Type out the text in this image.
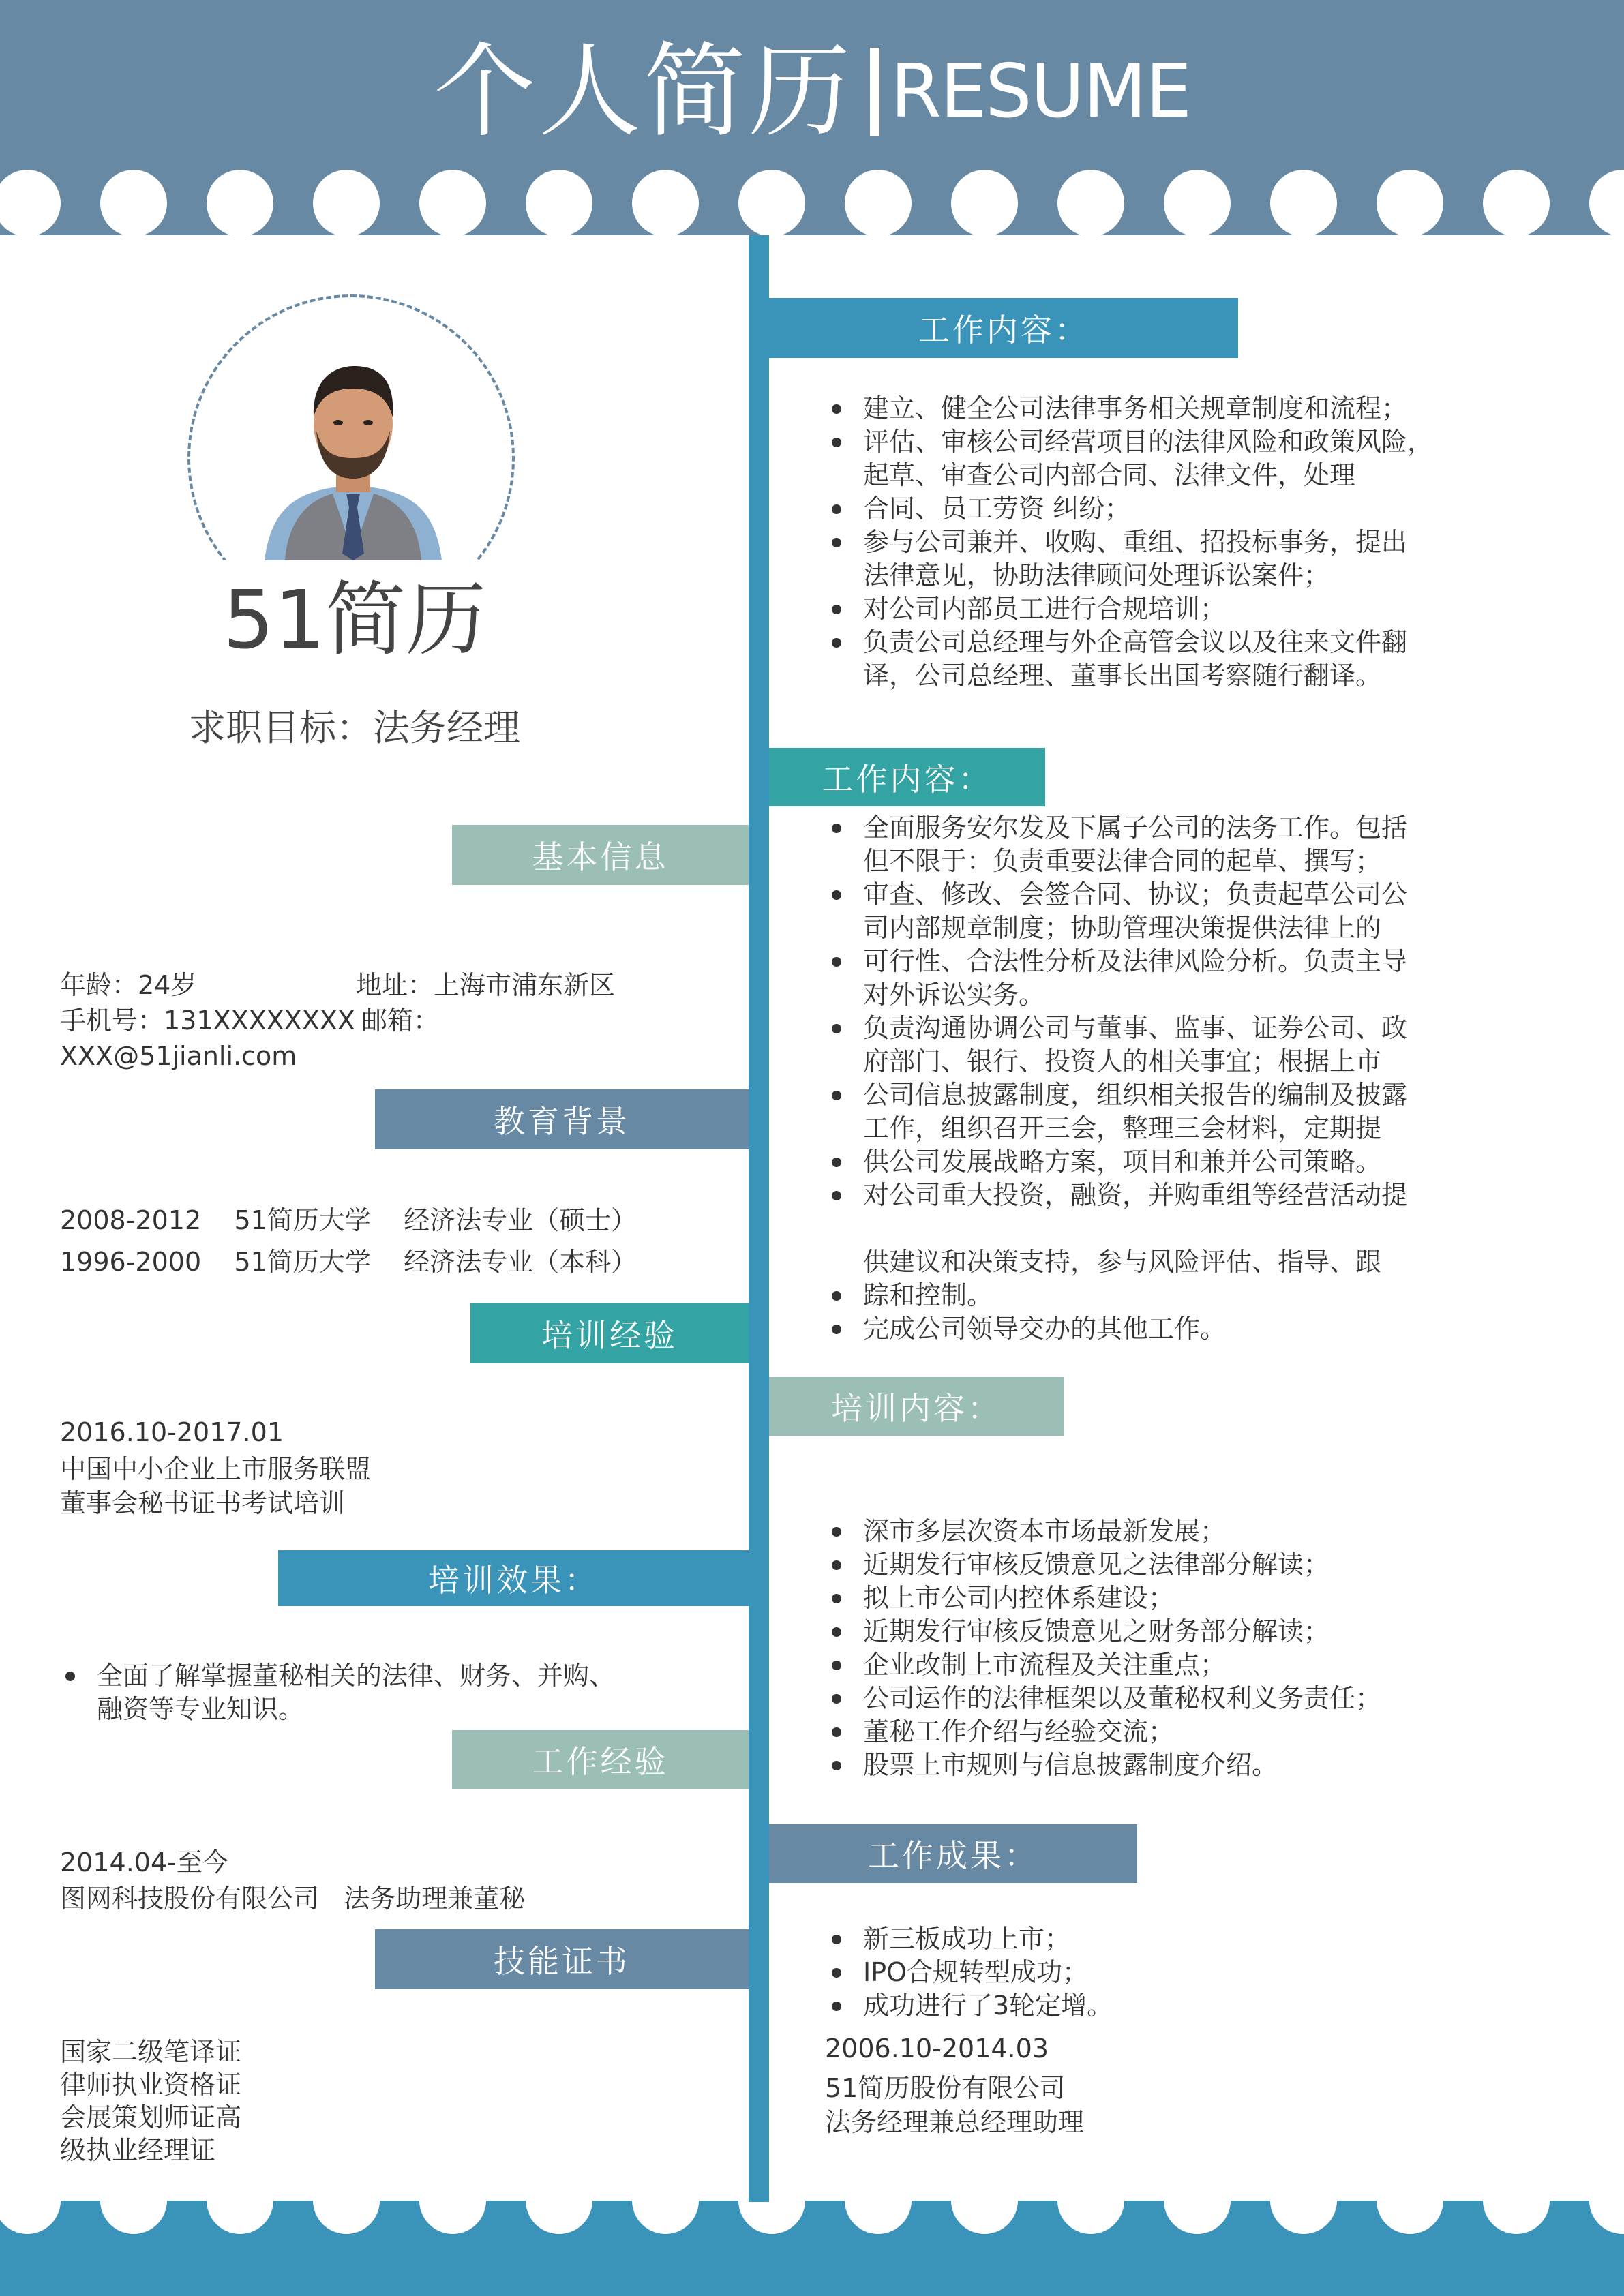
个人简历 RESUME
51简历
求职目标：法务经理
基本信息
年龄：24岁	地址：上海市浦东新区
手机号：131XXXXXXXX 邮箱：
XXX@51jianli.com
教育背景
2008-2012    51简历大学    经济法专业（硕士）
1996-2000    51简历大学    经济法专业（本科）
培训经验
2016.10-2017.01
中国中小企业上市服务联盟
董事会秘书证书考试培训
培训效果：
全面了解掌握董秘相关的法律、财务、并购、
融资等专业知识。
工作经验
2014.04-至今
图网科技股份有限公司   法务助理兼董秘
技能证书
国家二级笔译证
律师执业资格证
会展策划师证高
级执业经理证
工作内容：
建立、健全公司法律事务相关规章制度和流程；
评估、审核公司经营项目的法律风险和政策风险，
起草、审查公司内部合同、法律文件，处理
合同、员工劳资 纠纷；
参与公司兼并、收购、重组、招投标事务，提出
法律意见，协助法律顾问处理诉讼案件；
对公司内部员工进行合规培训；
负责公司总经理与外企高管会议以及往来文件翻
译，公司总经理、董事长出国考察随行翻译。
工作内容：
全面服务安尔发及下属子公司的法务工作。包括
但不限于：负责重要法律合同的起草、撰写；
审查、修改、会签合同、协议；负责起草公司公
司内部规章制度；协助管理决策提供法律上的
可行性、合法性分析及法律风险分析。负责主导
对外诉讼实务。
负责沟通协调公司与董事、监事、证券公司、政
府部门、银行、投资人的相关事宜；根据上市
公司信息披露制度，组织相关报告的编制及披露
工作，组织召开三会，整理三会材料，定期提
供公司发展战略方案，项目和兼并公司策略。
对公司重大投资，融资，并购重组等经营活动提

供建议和决策支持，参与风险评估、指导、跟
踪和控制。
完成公司领导交办的其他工作。
培训内容：
深市多层次资本市场最新发展；
近期发行审核反馈意见之法律部分解读；
拟上市公司内控体系建设；
近期发行审核反馈意见之财务部分解读；
企业改制上市流程及关注重点；
公司运作的法律框架以及董秘权利义务责任；
董秘工作介绍与经验交流；
股票上市规则与信息披露制度介绍。
工作成果：
新三板成功上市；
IPO合规转型成功；
成功进行了3轮定增。
2006.10-2014.03
51简历股份有限公司
法务经理兼总经理助理
